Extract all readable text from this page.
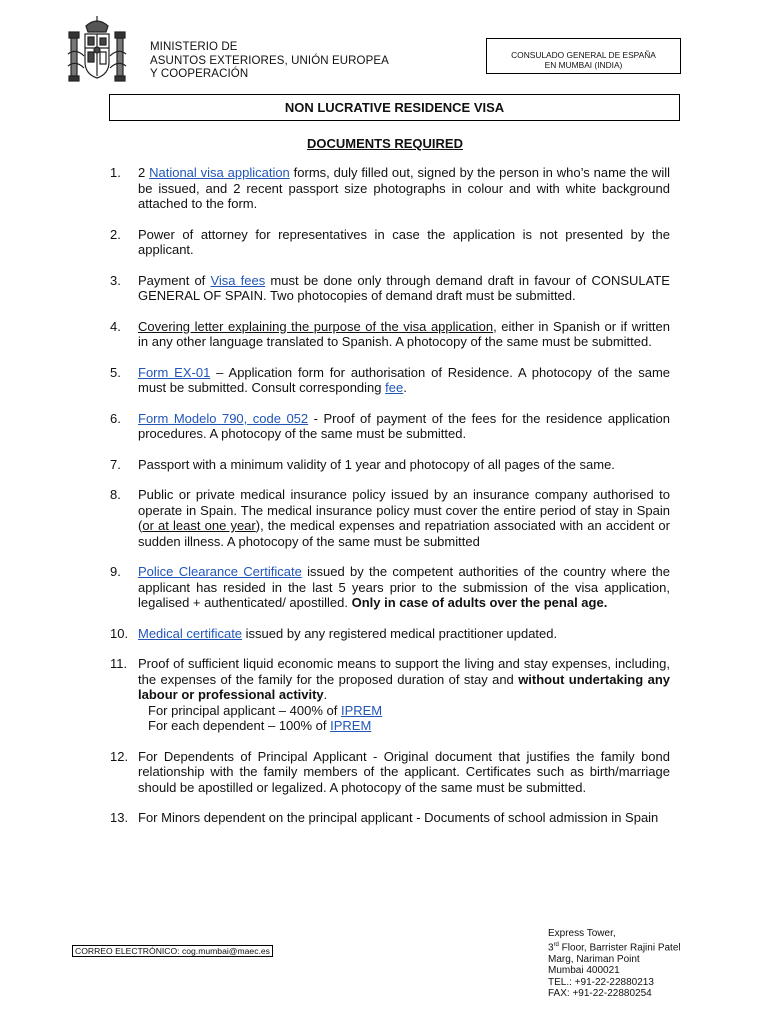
MINISTERIO DE
ASUNTOS EXTERIORES, UNIÓN EUROPEA
Y COOPERACIÓN
CONSULADO GENERAL DE ESPAÑA
EN MUMBAI (INDIA)
NON LUCRATIVE RESIDENCE VISA
DOCUMENTS REQUIRED
1. 2 National visa application forms, duly filled out, signed by the person in who’s name the will be issued, and 2 recent passport size photographs in colour and with white background attached to the form.
2. Power of attorney for representatives in case the application is not presented by the applicant.
3. Payment of Visa fees must be done only through demand draft in favour of CONSULATE GENERAL OF SPAIN. Two photocopies of demand draft must be submitted.
4. Covering letter explaining the purpose of the visa application, either in Spanish or if written in any other language translated to Spanish. A photocopy of the same must be submitted.
5. Form EX-01 – Application form for authorisation of Residence. A photocopy of the same must be submitted. Consult corresponding fee.
6. Form Modelo 790, code 052 - Proof of payment of the fees for the residence application procedures. A photocopy of the same must be submitted.
7. Passport with a minimum validity of 1 year and photocopy of all pages of the same.
8. Public or private medical insurance policy issued by an insurance company authorised to operate in Spain. The medical insurance policy must cover the entire period of stay in Spain (or at least one year), the medical expenses and repatriation associated with an accident or sudden illness. A photocopy of the same must be submitted
9. Police Clearance Certificate issued by the competent authorities of the country where the applicant has resided in the last 5 years prior to the submission of the visa application, legalised + authenticated/ apostilled. Only in case of adults over the penal age.
10. Medical certificate issued by any registered medical practitioner updated.
11. Proof of sufficient liquid economic means to support the living and stay expenses, including, the expenses of the family for the proposed duration of stay and without undertaking any labour or professional activity.
For principal applicant – 400% of IPREM
For each dependent – 100% of IPREM
12. For Dependents of Principal Applicant - Original document that justifies the family bond relationship with the family members of the applicant. Certificates such as birth/marriage should be apostilled or legalized. A photocopy of the same must be submitted.
13. For Minors dependent on the principal applicant - Documents of school admission in Spain
CORREO ELECTRÓNICO: cog.mumbai@maec.es
Express Tower,
3rd Floor, Barrister Rajini Patel
Marg, Nariman Point
Mumbai 400021
TEL.: +91-22-22880213
FAX: +91-22-22880254
